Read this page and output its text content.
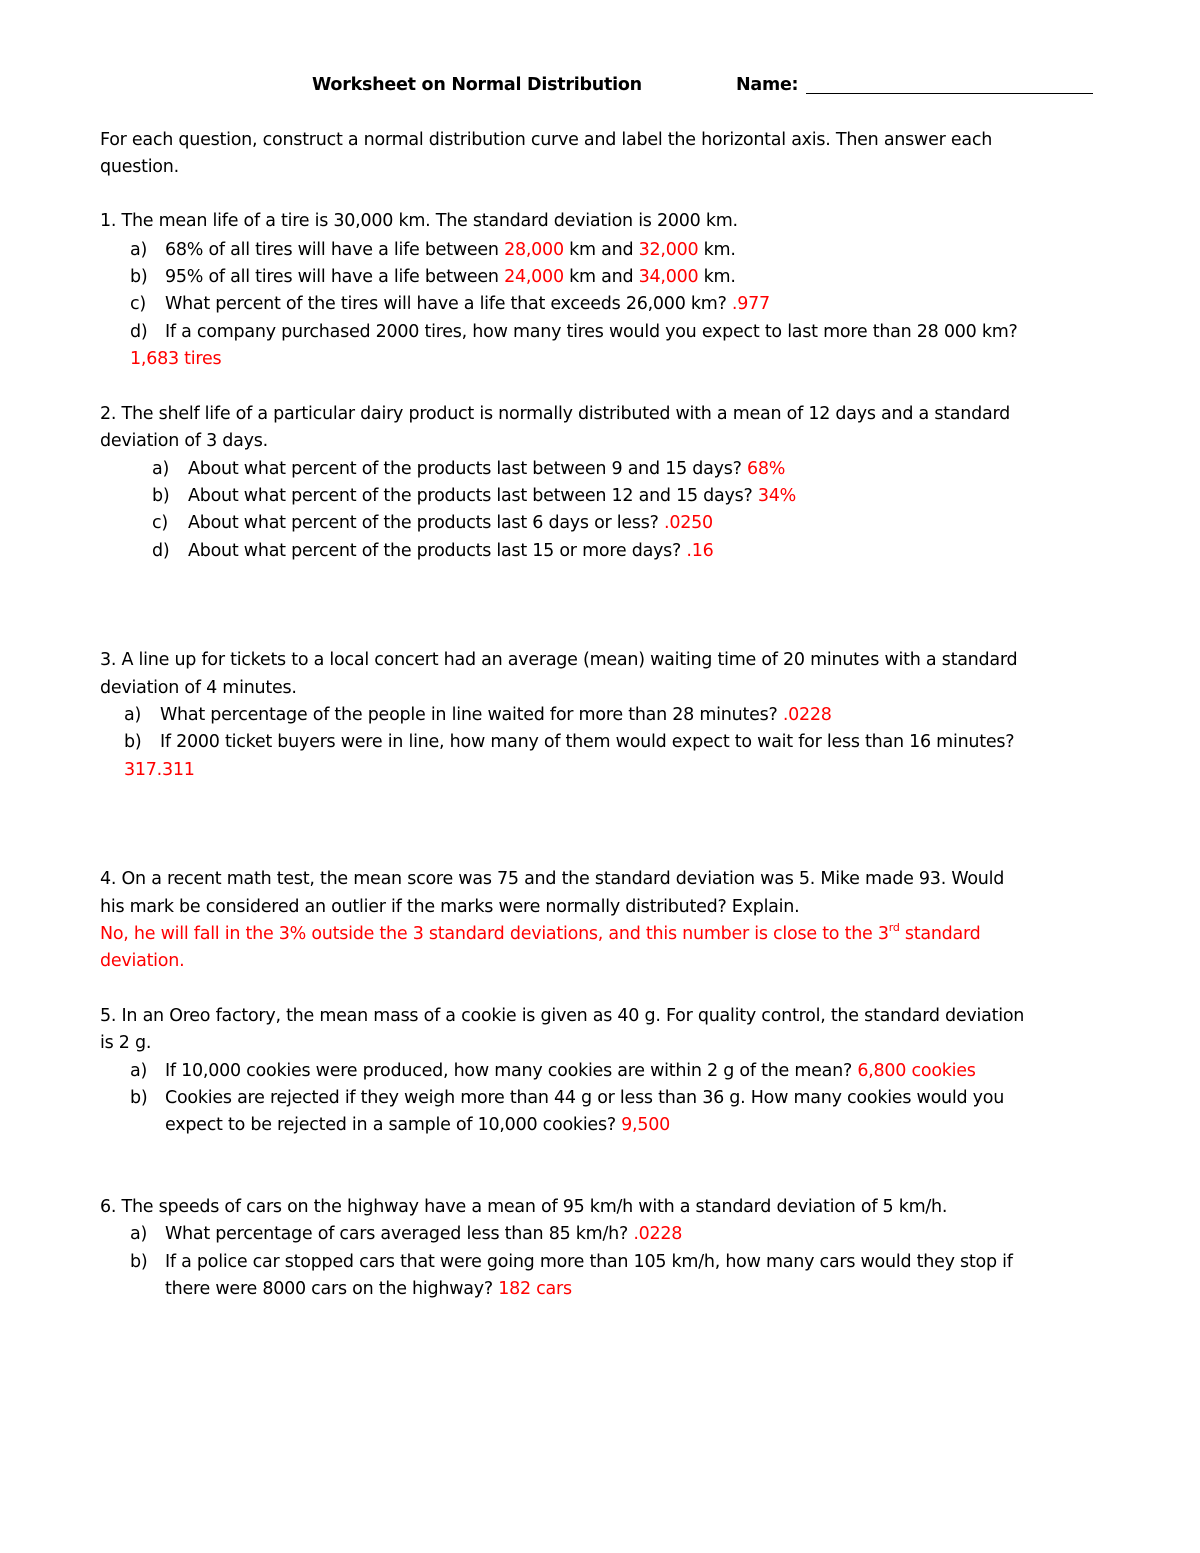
Worksheet on Normal Distribution	Name:
For each question, construct a normal distribution curve and label the horizontal axis. Then answer each
question.
1. The mean life of a tire is 30,000 km. The standard deviation is 2000 km.
a) 68% of all tires will have a life between 28,000 km and 32,000 km.
b) 95% of all tires will have a life between 24,000 km and 34,000 km.
c) What percent of the tires will have a life that exceeds 26,000 km? .977
d) If a company purchased 2000 tires, how many tires would you expect to last more than 28 000 km?
1,683 tires
2. The shelf life of a particular dairy product is normally distributed with a mean of 12 days and a standard
deviation of 3 days.
a) About what percent of the products last between 9 and 15 days? 68%
b) About what percent of the products last between 12 and 15 days? 34%
c) About what percent of the products last 6 days or less? .0250
d) About what percent of the products last 15 or more days? .16
3. A line up for tickets to a local concert had an average (mean) waiting time of 20 minutes with a standard
deviation of 4 minutes.
a) What percentage of the people in line waited for more than 28 minutes? .0228
b) If 2000 ticket buyers were in line, how many of them would expect to wait for less than 16 minutes?
317.311
4. On a recent math test, the mean score was 75 and the standard deviation was 5. Mike made 93. Would
his mark be considered an outlier if the marks were normally distributed? Explain.
No, he will fall in the 3% outside the 3 standard deviations, and this number is close to the 3rd standard
deviation.
5. In an Oreo factory, the mean mass of a cookie is given as 40 g. For quality control, the standard deviation
is 2 g.
a) If 10,000 cookies were produced, how many cookies are within 2 g of the mean? 6,800 cookies
b) Cookies are rejected if they weigh more than 44 g or less than 36 g. How many cookies would you
expect to be rejected in a sample of 10,000 cookies? 9,500
6. The speeds of cars on the highway have a mean of 95 km/h with a standard deviation of 5 km/h.
a) What percentage of cars averaged less than 85 km/h? .0228
b) If a police car stopped cars that were going more than 105 km/h, how many cars would they stop if
there were 8000 cars on the highway? 182 cars
